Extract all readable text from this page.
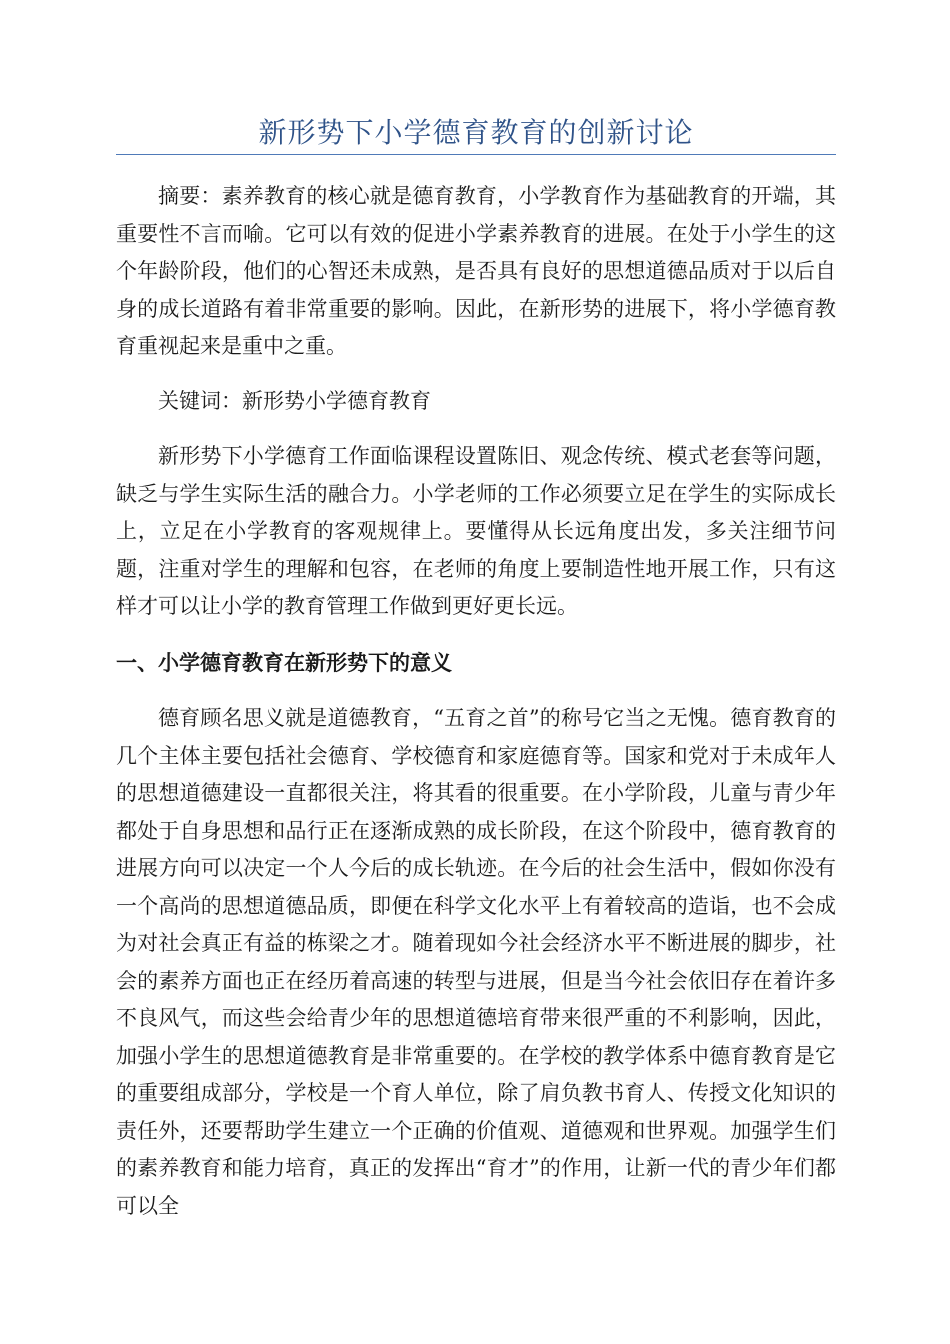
新形势下小学德育教育的创新讨论

摘要：素养教育的核心就是德育教育，小学教育作为基础教育的开端，其重要性不言而喻。它可以有效的促进小学素养教育的进展。在处于小学生的这个年龄阶段，他们的心智还未成熟，是否具有良好的思想道德品质对于以后自身的成长道路有着非常重要的影响。因此，在新形势的进展下，将小学德育教育重视起来是重中之重。

关键词：新形势小学德育教育

新形势下小学德育工作面临课程设置陈旧、观念传统、模式老套等问题，缺乏与学生实际生活的融合力。小学老师的工作必须要立足在学生的实际成长上，立足在小学教育的客观规律上。要懂得从长远角度出发，多关注细节问题，注重对学生的理解和包容，在老师的角度上要制造性地开展工作，只有这样才可以让小学的教育管理工作做到更好更长远。

一、小学德育教育在新形势下的意义

德育顾名思义就是道德教育，“五育之首”的称号它当之无愧。德育教育的几个主体主要包括社会德育、学校德育和家庭德育等。国家和党对于未成年人的思想道德建设一直都很关注，将其看的很重要。在小学阶段，儿童与青少年都处于自身思想和品行正在逐渐成熟的成长阶段，在这个阶段中，德育教育的进展方向可以决定一个人今后的成长轨迹。在今后的社会生活中，假如你没有一个高尚的思想道德品质，即便在科学文化水平上有着较高的造诣，也不会成为对社会真正有益的栋梁之才。随着现如今社会经济水平不断进展的脚步，社会的素养方面也正在经历着高速的转型与进展，但是当今社会依旧存在着许多不良风气，而这些会给青少年的思想道德培育带来很严重的不利影响，因此，加强小学生的思想道德教育是非常重要的。在学校的教学体系中德育教育是它的重要组成部分，学校是一个育人单位，除了肩负教书育人、传授文化知识的责任外，还要帮助学生建立一个正确的价值观、道德观和世界观。加强学生们的素养教育和能力培育，真正的发挥出“育才”的作用，让新一代的青少年们都可以全
